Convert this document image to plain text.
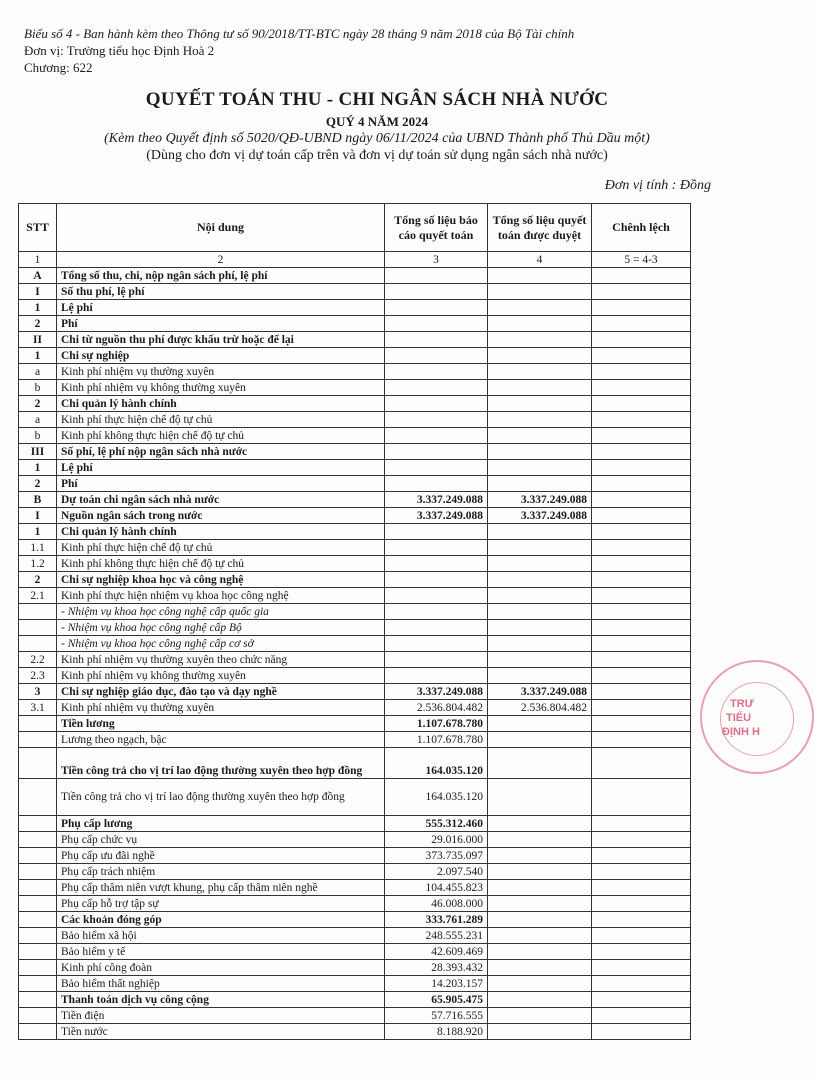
Biểu số 4 - Ban hành kèm theo Thông tư số 90/2018/TT-BTC ngày 28 tháng 9 năm 2018 của Bộ Tài chính
Đơn vị: Trường tiểu học Định Hoà 2
Chương: 622
QUYẾT TOÁN THU - CHI NGÂN SÁCH NHÀ NƯỚC
QUÝ 4 NĂM 2024
(Kèm theo Quyết định số 5020/QĐ-UBND ngày 06/11/2024 của UBND Thành phố Thủ Dầu một)
(Dùng cho đơn vị dự toán cấp trên và đơn vị dự toán sử dụng ngân sách nhà nước)
Đơn vị tính : Đồng
STT	Nội dung	Tổng số liệu báo cáo quyết toán	Tổng số liệu quyết toán được duyệt	Chênh lệch
1	2	3	4	5 = 4-3
A	Tổng số thu, chi, nộp ngân sách phí, lệ phí			
I	Số thu phí, lệ phí			
1	Lệ phí			
2	Phí			
II	Chi từ nguồn thu phí được khấu trừ hoặc để lại			
1	Chi sự nghiệp			
a	Kinh phí nhiệm vụ thường xuyên			
b	Kinh phí nhiệm vụ không thường xuyên			
2	Chi quản lý hành chính			
a	Kinh phí thực hiện chế độ tự chủ			
b	Kinh phí không thực hiện chế độ tự chủ			
III	Số phí, lệ phí nộp ngân sách nhà nước			
1	Lệ phí			
2	Phí			
B	Dự toán chi ngân sách nhà nước	3.337.249.088	3.337.249.088	
I	Nguồn ngân sách trong nước	3.337.249.088	3.337.249.088	
1	Chi quản lý hành chính			
1.1	Kinh phí thực hiện chế độ tự chủ			
1.2	Kinh phí không thực hiện chế độ tự chủ			
2	Chi sự nghiệp khoa học và công nghệ			
2.1	Kinh phí thực hiện nhiệm vụ khoa học công nghệ			
	- Nhiệm vụ khoa học công nghệ cấp quốc gia			
	- Nhiệm vụ khoa học công nghệ cấp Bộ			
	- Nhiệm vụ khoa học công nghệ cấp cơ sở			
2.2	Kinh phí nhiệm vụ thường xuyên theo chức năng			
2.3	Kinh phí nhiệm vụ không thường xuyên			
3	Chi sự nghiệp giáo dục, đào tạo và dạy nghề	3.337.249.088	3.337.249.088	
3.1	Kinh phí nhiệm vụ thường xuyên	2.536.804.482	2.536.804.482	
	Tiền lương	1.107.678.780		
	Lương theo ngạch, bậc	1.107.678.780		
	Tiền công trả cho vị trí lao động thường xuyên theo hợp đồng	164.035.120		
	Tiền công trả cho vị trí lao động thường xuyên theo hợp đồng	164.035.120		
	Phụ cấp lương	555.312.460		
	Phụ cấp chức vụ	29.016.000		
	Phụ cấp ưu đãi nghề	373.735.097		
	Phụ cấp trách nhiệm	2.097.540		
	Phụ cấp thâm niên vượt khung, phụ cấp thâm niên nghề	104.455.823		
	Phụ cấp hỗ trợ tập sự	46.008.000		
	Các khoản đóng góp	333.761.289		
	Bảo hiểm xã hội	248.555.231		
	Bảo hiểm y tế	42.609.469		
	Kinh phí công đoàn	28.393.432		
	Bảo hiểm thất nghiệp	14.203.157		
	Thanh toán dịch vụ công cộng	65.905.475		
	Tiền điện	57.716.555		
	Tiền nước	8.188.920		
TRƯ
TIỂU
ĐỊNH H
